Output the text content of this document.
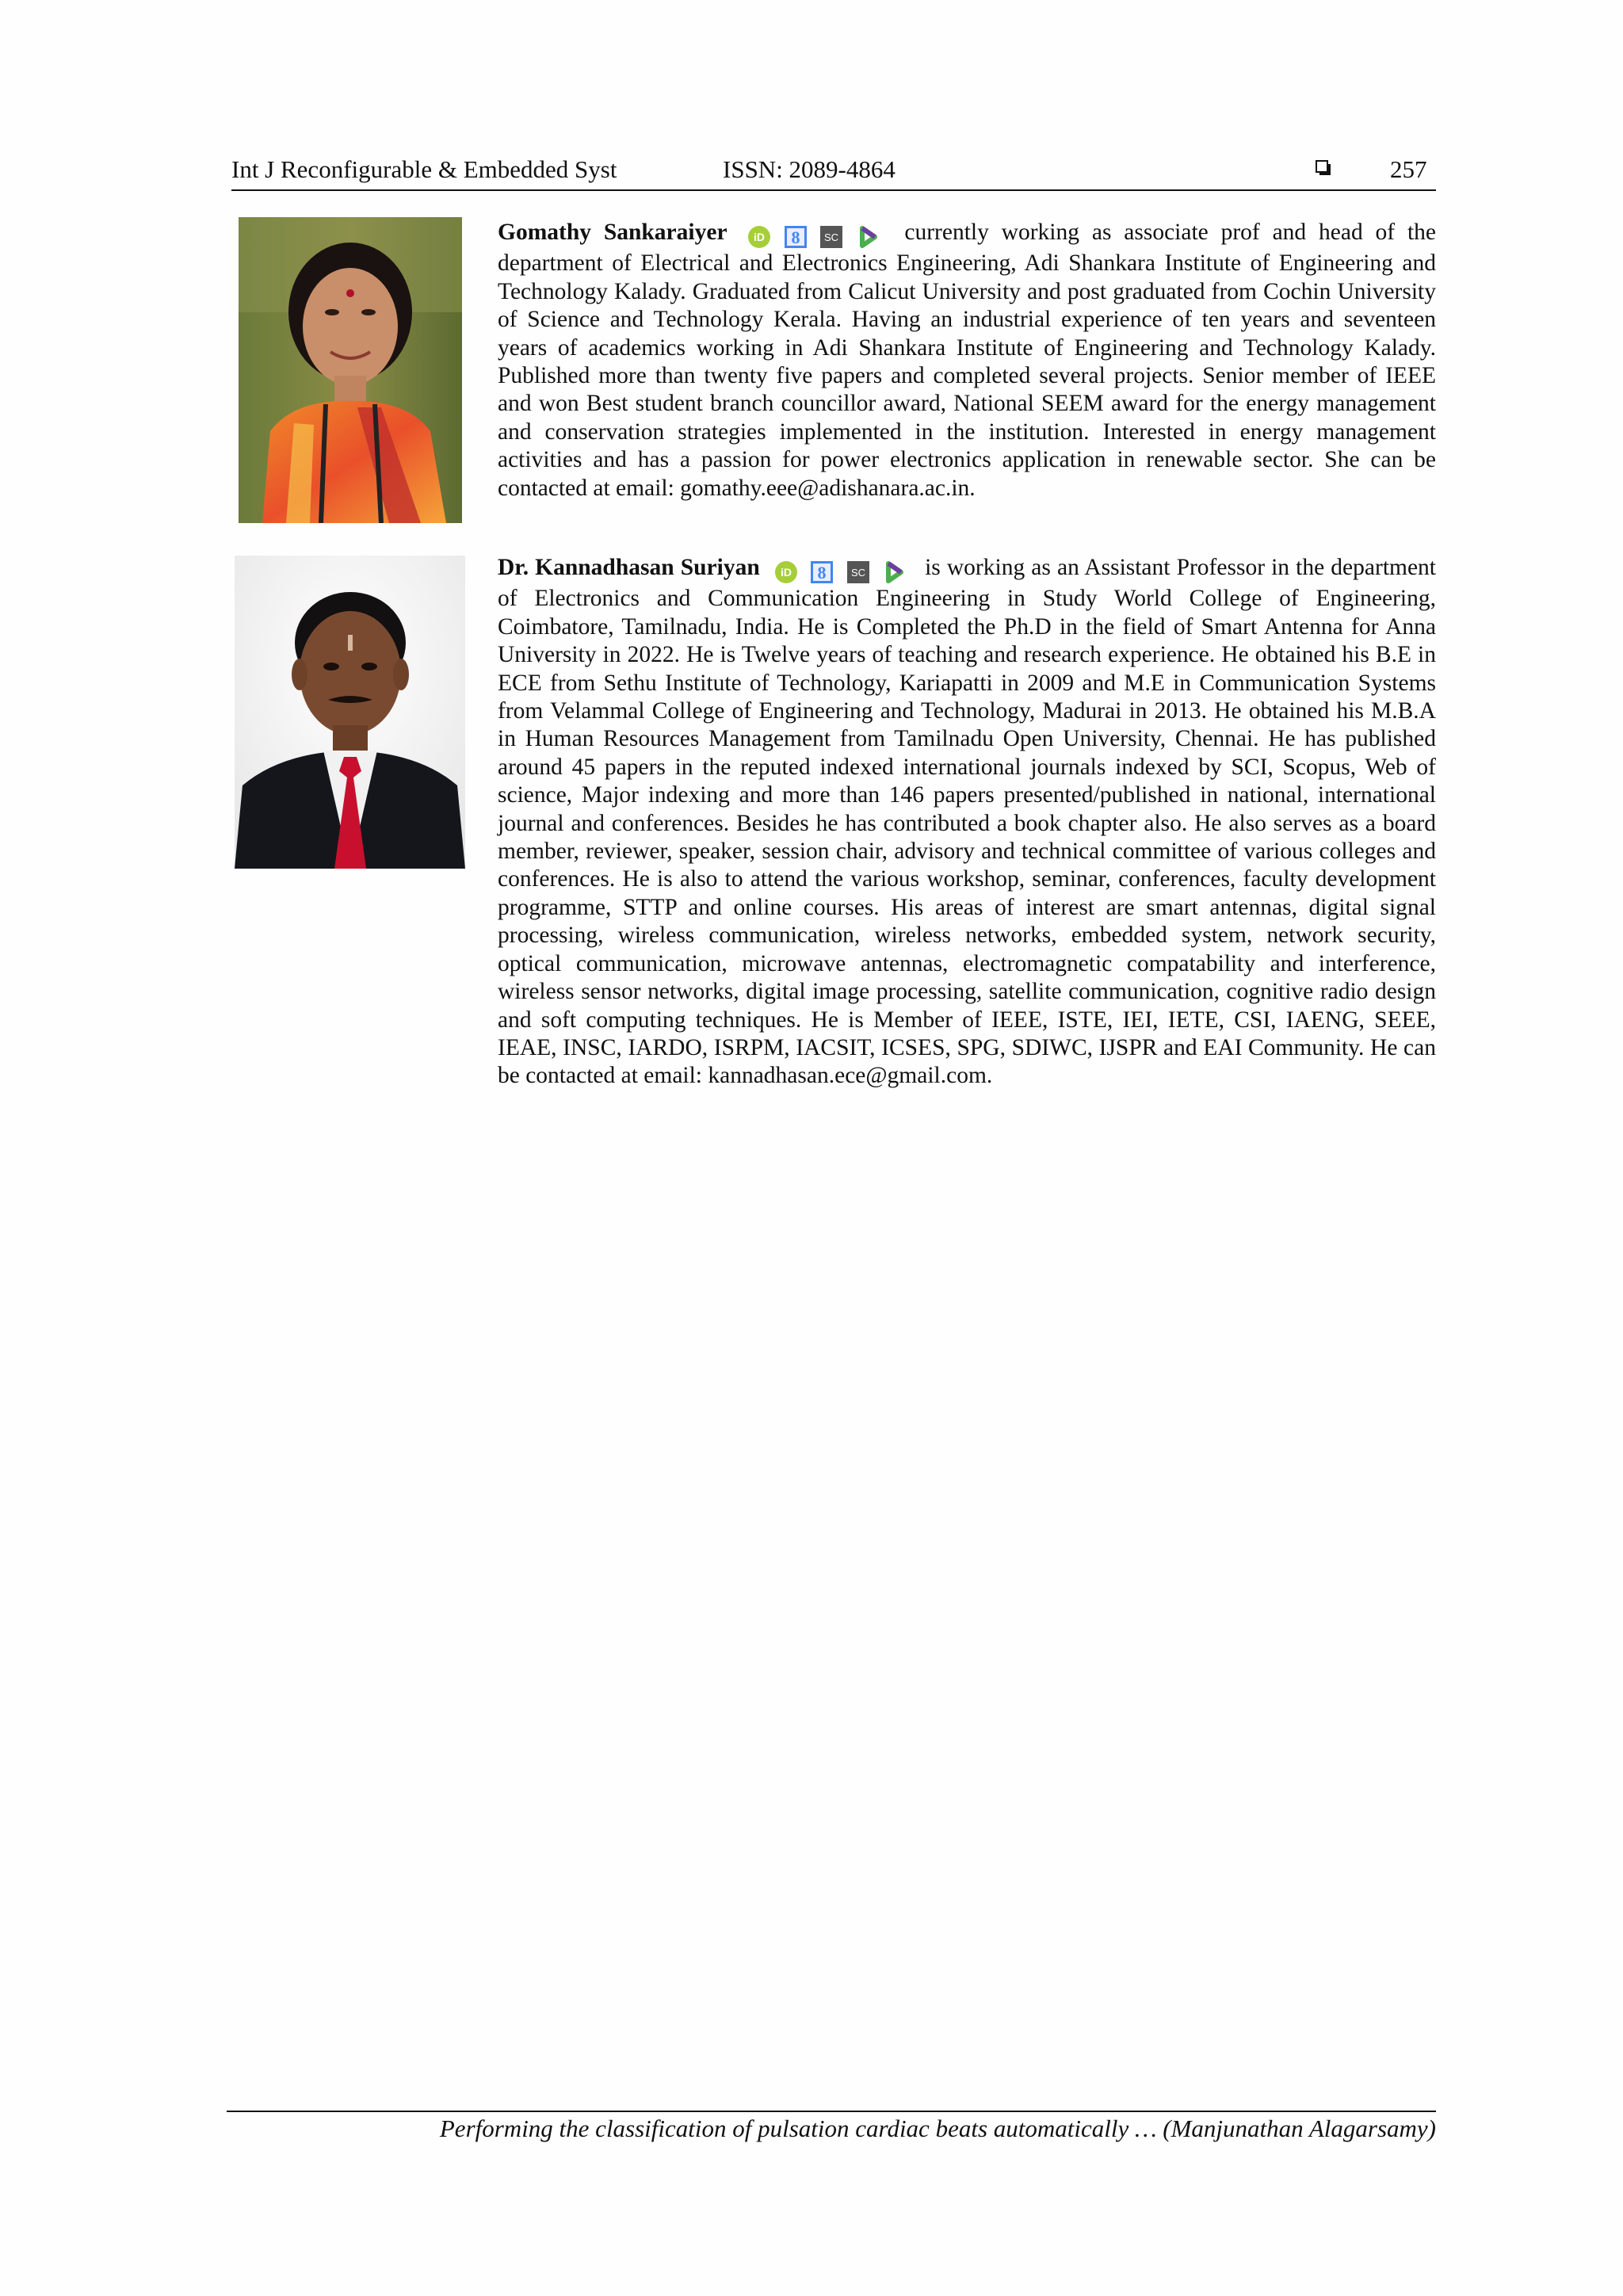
Int J Reconfigurable & Embedded Syst	ISSN: 2089-4864	257
Gomathy Sankaraiyer iD
8
SC	currently working as associate prof and head of the department of Electrical and Electronics Engineering, Adi Shankara Institute of Engineering and Technology Kalady. Graduated from Calicut University and post graduated from Cochin University of Science and Technology Kerala. Having an industrial experience of ten years and seventeen years of academics working in Adi Shankara Institute of Engineering and Technology Kalady. Published more than twenty five papers and completed several projects. Senior member of IEEE and won Best student branch councillor award, National SEEM award for the energy management and conservation strategies implemented in the institution. Interested in energy management activities and has a passion for power electronics application in renewable sector. She can be contacted at email: gomathy.eee@adishanara.ac.in.
Dr. Kannadhasan Suriyan iD
8
SC	is working as an Assistant Professor in the department of Electronics and Communication Engineering in Study World College of Engineering, Coimbatore, Tamilnadu, India. He is Completed the Ph.D in the field of Smart Antenna for Anna University in 2022. He is Twelve years of teaching and research experience. He obtained his B.E in ECE from Sethu Institute of Technology, Kariapatti in 2009 and M.E in Communication Systems from Velammal College of Engineering and Technology, Madurai in 2013. He obtained his M.B.A in Human Resources Management from Tamilnadu Open University, Chennai. He has published around 45 papers in the reputed indexed international journals indexed by SCI, Scopus, Web of science, Major indexing and more than 146 papers presented/published in national, international journal and conferences. Besides he has contributed a book chapter also. He also serves as a board member, reviewer, speaker, session chair, advisory and technical committee of various colleges and conferences. He is also to attend the various workshop, seminar, conferences, faculty development programme, STTP and online courses. His areas of interest are smart antennas, digital signal processing, wireless communication, wireless networks, embedded system, network security, optical communication, microwave antennas, electromagnetic compatability and interference, wireless sensor networks, digital image processing, satellite communication, cognitive radio design and soft computing techniques. He is Member of IEEE, ISTE, IEI, IETE, CSI, IAENG, SEEE, IEAE, INSC, IARDO, ISRPM, IACSIT, ICSES, SPG, SDIWC, IJSPR and EAI Community. He can be contacted at email: kannadhasan.ece@gmail.com.
Performing the classification of pulsation cardiac beats automatically … (Manjunathan Alagarsamy)
